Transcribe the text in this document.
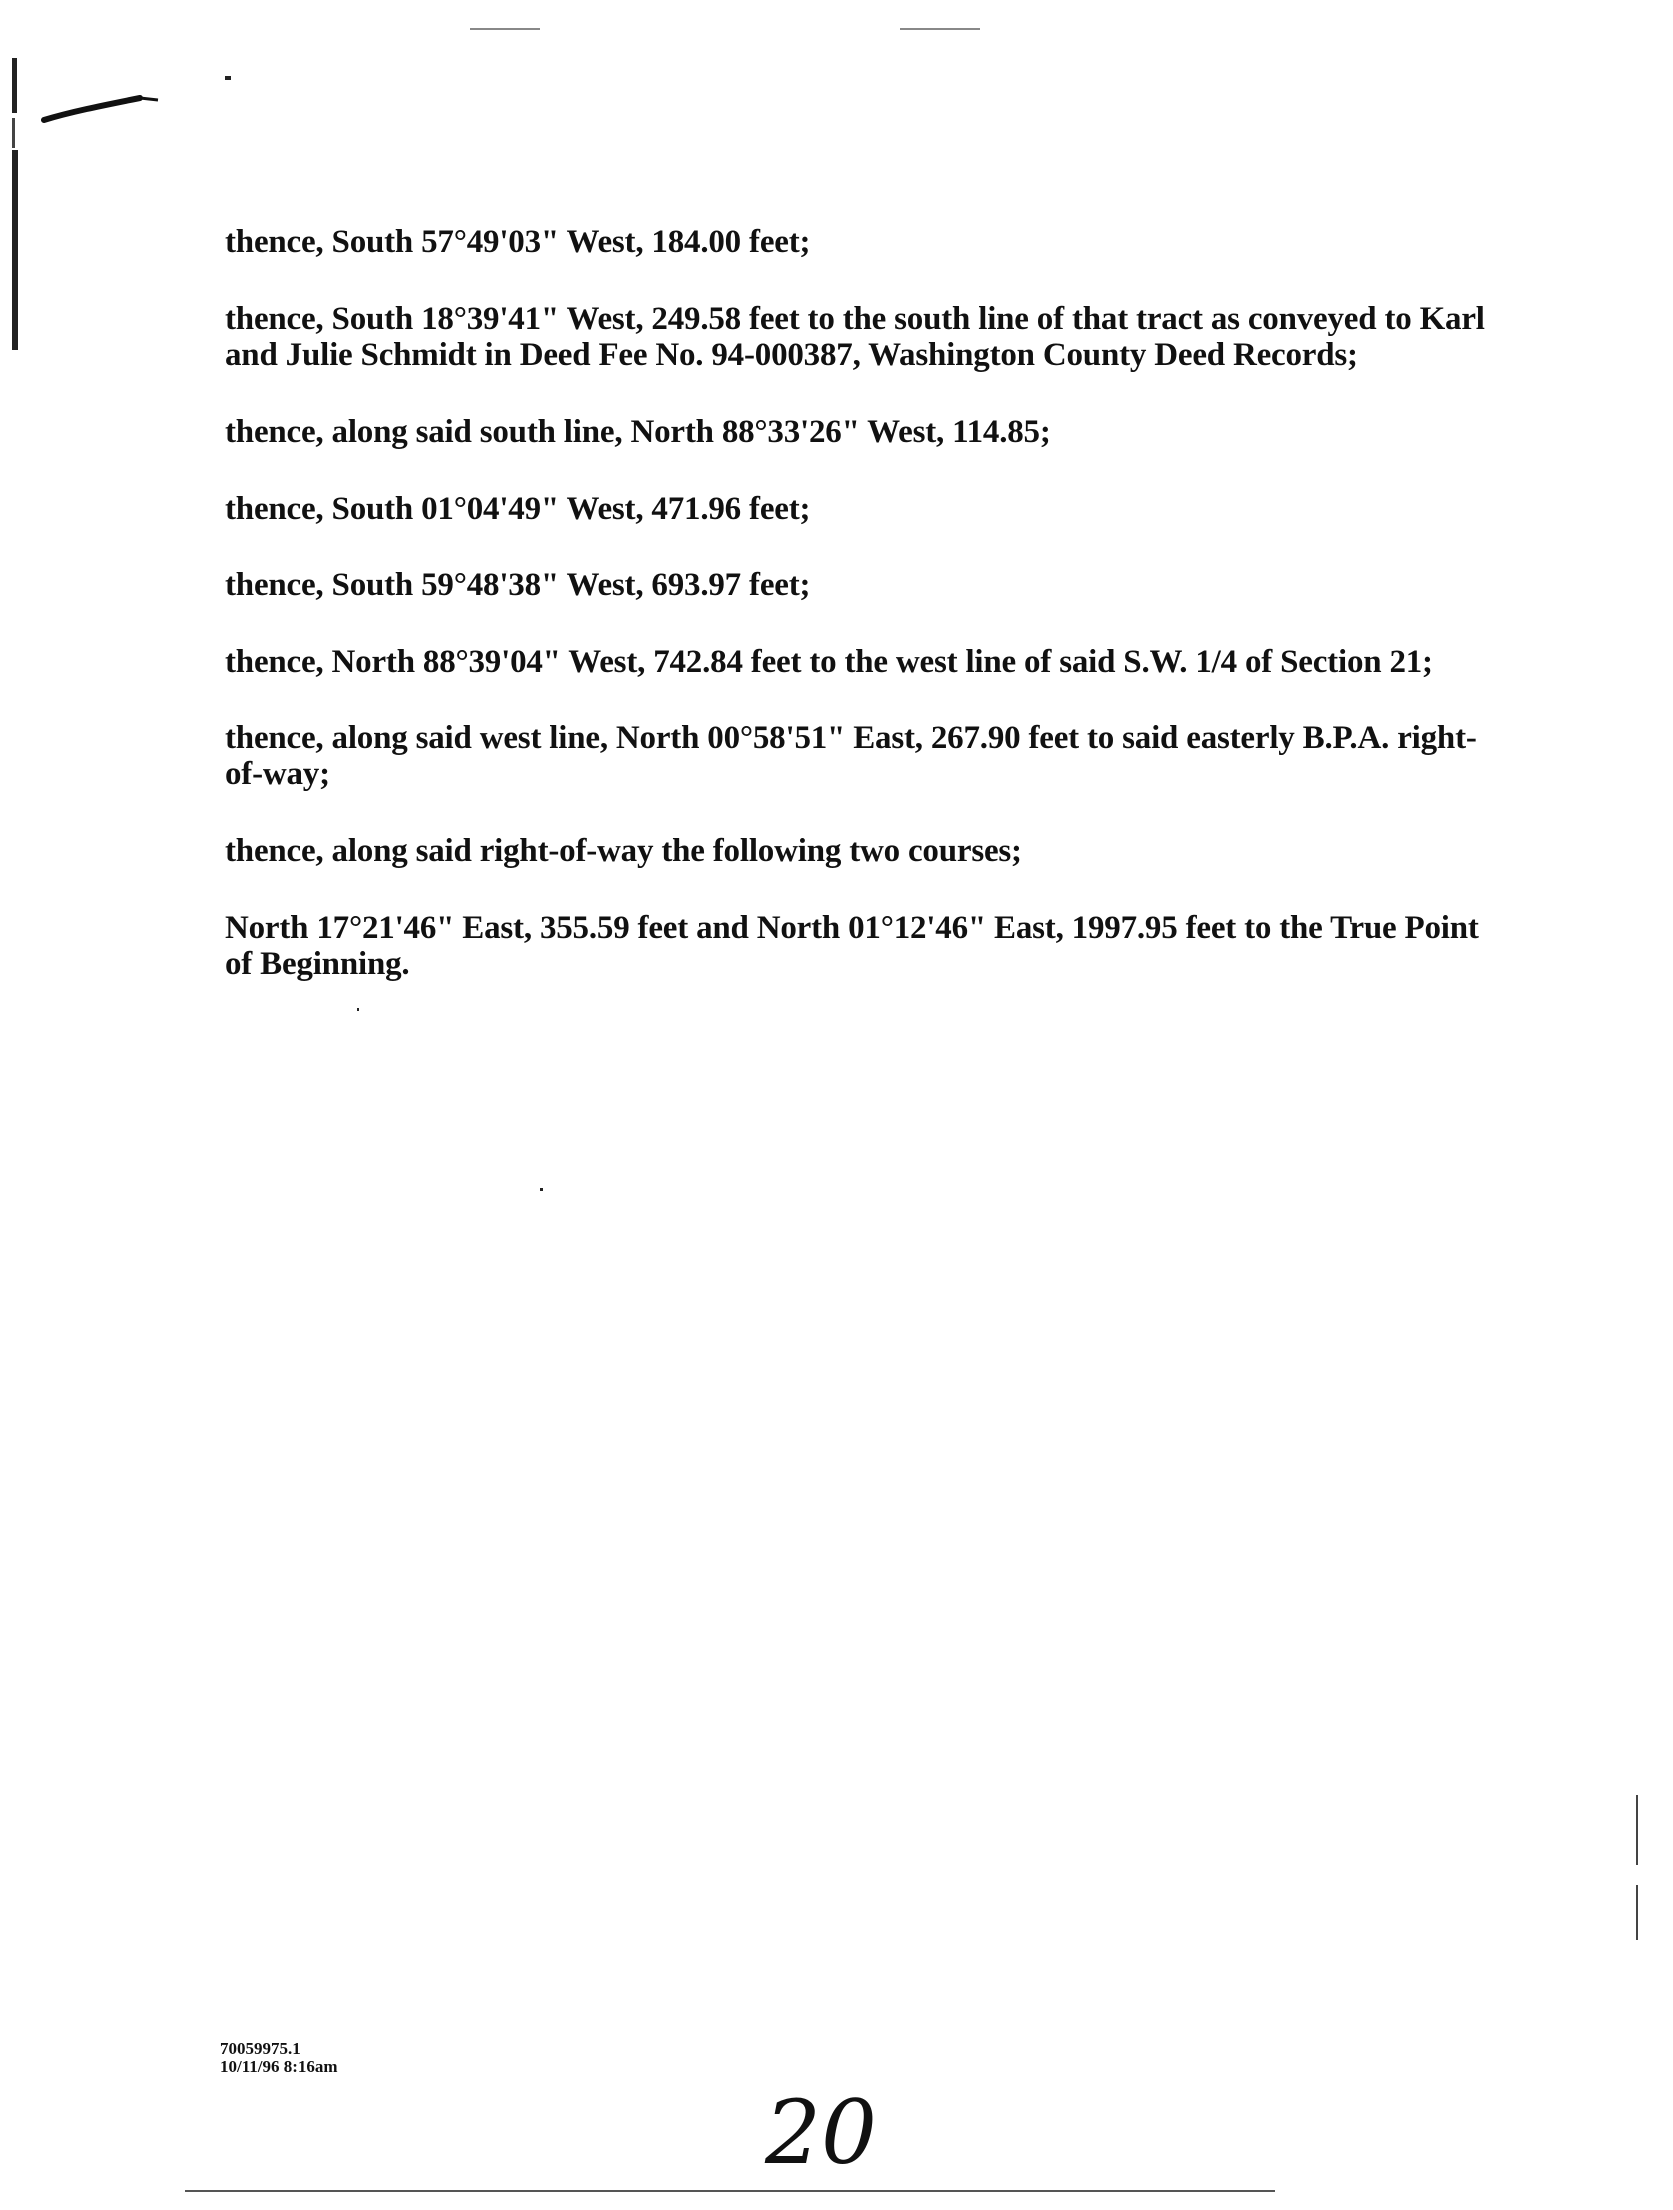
thence, South 57°49'03" West, 184.00 feet;
thence, South 18°39'41" West, 249.58 feet to the south line of that tract as conveyed to Karl and Julie Schmidt in Deed Fee No. 94-000387, Washington County Deed Records;
thence, along said south line, North 88°33'26" West, 114.85;
thence, South 01°04'49" West, 471.96 feet;
thence, South 59°48'38" West, 693.97 feet;
thence, North 88°39'04" West, 742.84 feet to the west line of said S.W. 1/4 of Section 21;
thence, along said west line, North 00°58'51" East, 267.90 feet to said easterly B.P.A. right-of-way;
thence, along said right-of-way the following two courses;
North 17°21'46" East, 355.59 feet and North 01°12'46" East, 1997.95 feet to the True Point of Beginning.
70059975.1
10/11/96 8:16am
20
